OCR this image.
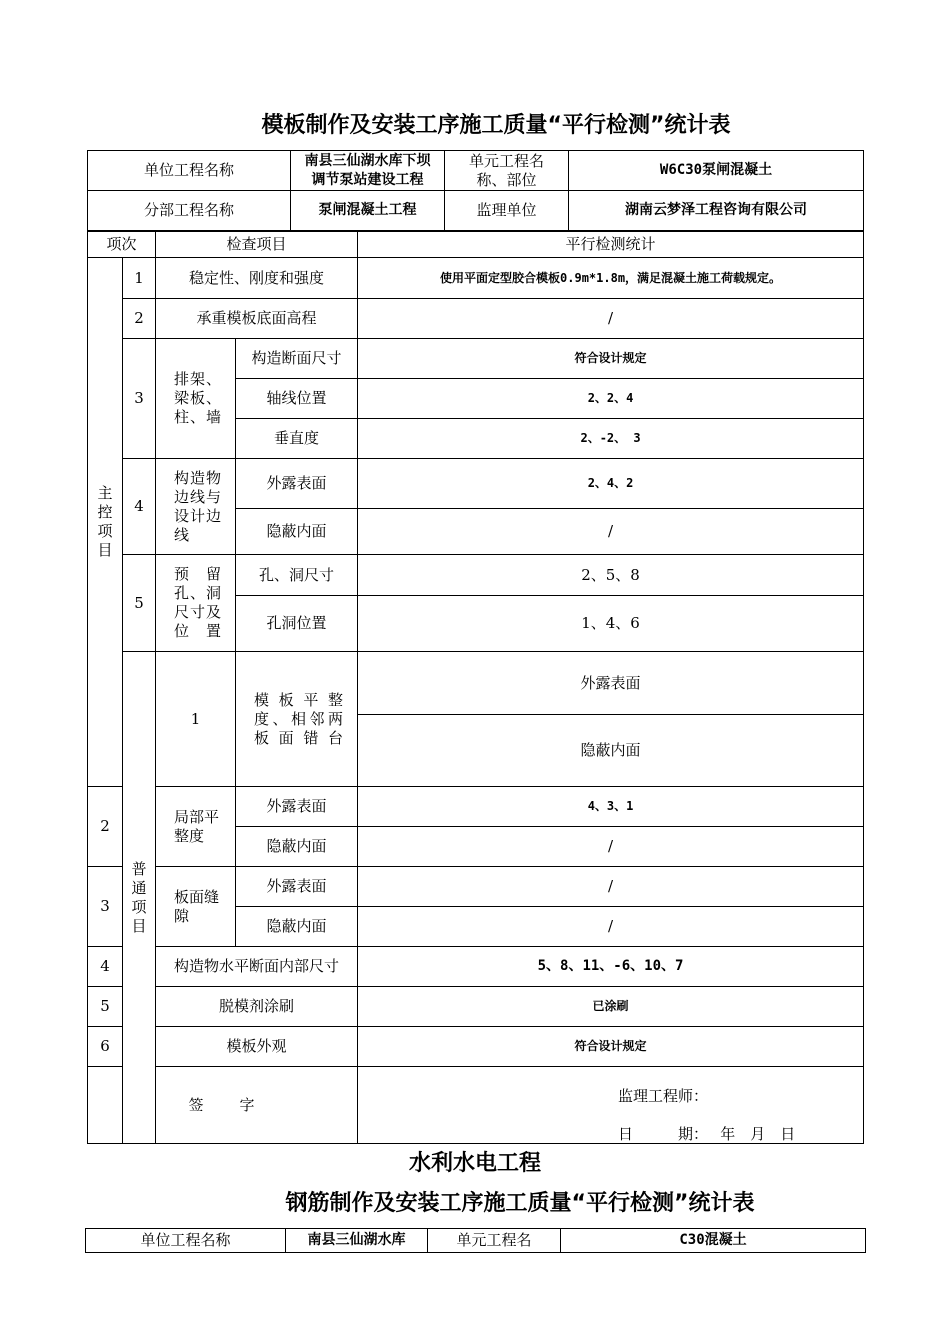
模板制作及安装工序施工质量“平行检测”统计表
单位工程名称	南县三仙湖水库下坝调节泵站建设工程	单元工程名称、部位	W6C30泵闸混凝土
分部工程名称	泵闸混凝土工程	监理单位	湖南云梦泽工程咨询有限公司
项次		检查项目		平行检测统计	
主控项目	1	稳定性、刚度和强度		使用平面定型胶合模板0.9m*1.8m，满足混凝土施工荷载规定。	
	2	承重模板底面高程		/	
	3	排架、梁板、柱、墙	构造断面尺寸	符合设计规定	
			轴线位置	2、2、4	
			垂直度	2、-2、 3	
	4	构造物边线与设计边线	外露表面	2、4、2	
			隐蔽内面	/	
	5	预留孔、洞尺寸及位置	孔、洞尺寸	2、5、8	
			孔洞位置	1、4、6	
	普通项目	1	模板平整度、相邻两板面错台	外露表面	
				隐蔽内面	
2		局部平整度	外露表面	4、3、1	
			隐蔽内面	/	
3		板面缝隙	外露表面	/	
			隐蔽内面	/	
4		构造物水平断面内部尺寸		5、8、11、-6、10、7	
5		脱模剂涂刷		已涂刷	
6		模板外观		符合设计规定	
签　　字				监理工程师：
日　　　期：　 年　月　日	
水利水电工程
钢筋制作及安装工序施工质量“平行检测”统计表
单位工程名称	南县三仙湖水库	单元工程名	C30混凝土
